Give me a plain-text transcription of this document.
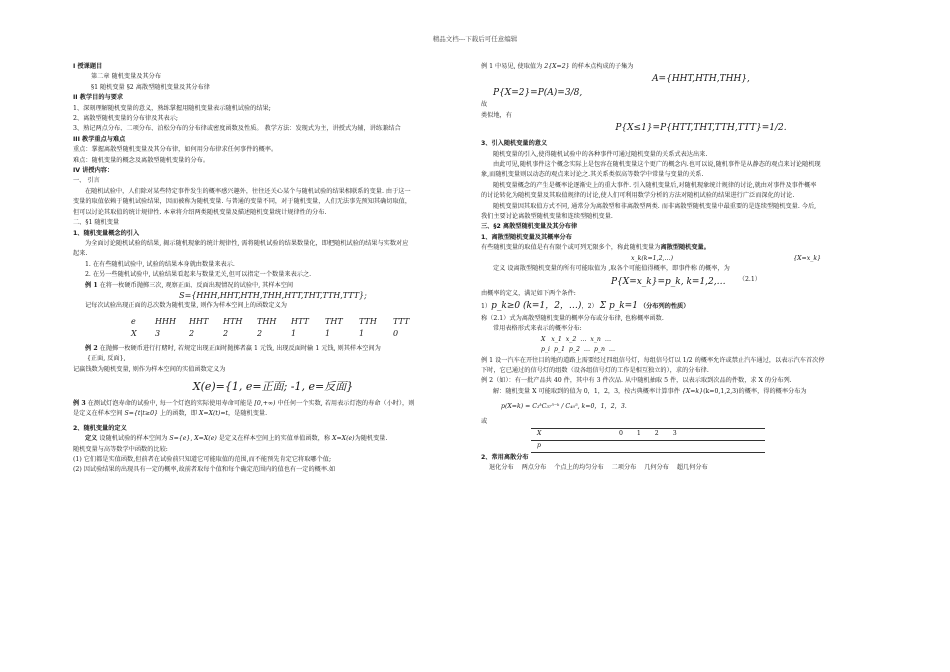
精品文档---下载后可任意编辑
I 授课题目
第二章 随机变量及其分布
§1 随机变量 §2 离散型随机变量及其分布律
II 教学目的与要求
1、深刻理解随机变量的意义，熟练掌握用随机变量表示随机试验的结果;
2、离散型随机变量的分布律及其表示;
3、熟记两点分布、二项分布、泊松分布的分布律或密度函数及性质。 教学方法：发现式为主，讲授式为辅，讲练兼结合
III 教学重点与难点
重点：掌握离散型随机变量及其分布律，如何用分布律求任何事件的概率。
难点：随机变量的概念及离散型随机变量的分布。
IV 讲授内容：
一、 引言
在随机试验中，人们除对某些特定事件发生的概率感兴趣外，往往还关心某个与随机试验的结果相联系的变量. 由于这一
变量的取值依赖于随机试验结果，因而被称为随机变量. 与普通的变量不同，对于随机变量，人们无法事先预知其确切取值，
但可以讨论其取值的统计规律性. 本章将介绍两类随机变量及描述随机变量统计规律性的分布.
二、§1 随机变量
1、随机变量概念的引入
为全面讨论随机试验的结果, 揭示随机现象的统计规律性, 需将随机试验的结果数量化，即把随机试验的结果与实数对应
起来.
1. 在有些随机试验中, 试验的结果本身就由数量来表示.
2. 在另一些随机试验中, 试验结果看起来与数量无关,但可以指定一个数量来表示之.
例 1 在将一枚硬币抛掷三次, 观察正面、反面出现情况的试验中, 其样本空间
S={HHH,HHT,HTH,THH,HTT,THT,TTH,TTT};
记每次试验出现正面的总次数为随机变量, 则作为样本空间上的函数定义为
e	HHH	HHT	HTH	THH	HTT	THT	TTH	TTT
X	3	2	2	2	1	1	1	0
例 2 在抛掷一枚硬币进行打赌时, 若规定出现正面时抛掷者赢 1 元钱, 出现反面时输 1 元钱, 则其样本空间为
{正面, 反面},
记赢钱数为随机变量, 则作为样本空间的实值函数定义为
X(e)={1, e=正面; -1, e=反面}
例 3 在测试灯泡寿命的试验中, 每一个灯泡的实际使用寿命可能是 [0,+∞) 中任何一个实数, 若用表示灯泡的寿命（小时），则
是定义在样本空间 S={t|t≥0} 上的函数，即 X=X(t)=t，是随机变量.
2、随机变量的定义
定义 设随机试验的样本空间为 S={e}, X=X(e) 是定义在样本空间上的实值单值函数，称 X=X(e)为随机变量.
随机变量与高等数学中函数的比较:
(1) 它们都是实值函数,但前者在试验前只知道它可能取值的范围,而不能预先肯定它将取哪个值;
(2) 因试验结果的出现具有一定的概率,故前者取每个值和每个确定范围内的值也有一定的概率.如
例 1 中易见, 使取值为 2{X=2} 的样本点构成的子集为
A={HHT,HTH,THH},
P{X=2}=P(A)=3/8,
故
类似地，有
P{X≤1}=P{HTT,THT,TTH,TTT}=1/2.
3、引入随机变量的意义
随机变量的引入,使得随机试验中的各种事件可通过随机变量的关系式表达出来.
由此可见,随机事件这个概念实际上是包容在随机变量这个更广的概念内.也可以说,随机事件是从静态的观点来讨论随机现
象,而随机变量则以动态的观点来讨论之.其关系类似高等数学中常量与变量的关系.
随机变量概念的产生是概率论逐渐史上的重大事件. 引入随机变量后,对随机现象统计规律的讨论,就由对事件及事件概率
的讨论转化为随机变量及其取值规律的讨论,使人们可利用数学分析的方法对随机试验的结果进行广泛而深化的讨论.
随机变量因其取值方式不同, 通常分为离散型和非离散型两类. 而非离散型随机变量中最重要的是连续型随机变量. 今后,
我们主要讨论离散型随机变量和连续型随机变量.
三、§2 离散型随机变量及其分布律
1、离散型随机变量及其概率分布
有些随机变量的取值是有有限个或可列无限多个，称此随机变量为离散型随机变量。
x_k(k=1,2,…)	{X=x_k}
定义 设离散型随机变量的所有可能取值为 ,取各个可能值得概率，即事件称 的概率，为
P{X=x_k}=p_k, k=1,2,… （2.1）
由概率的定义，满足如下两个条件:
1）p_k≥0 (k=1，2，…)，2） Σ p_k=1 （分布列的性质）
称（2.1）式为离散型随机变量的概率分布或分布律, 也称概率函数.
常用表格形式来表示的概率分布:
X   x_1  x_2  …  x_n  …
p_i  p_1  p_2  …  p_n  …
例 1 设一汽车在开往目的地的道路上需要经过四组信号灯，每组信号灯以 1/2 的概率允许或禁止汽车通过，以表示汽车首次停
下时，它已通过的信号灯的组数（设各组信号灯的工作是相互独立的），求的分布律.
例 2（如）：有一批产品共 40 件，其中有 3 件次品. 从中随机抽取 5 件，以表示取到次品的件数，求 X 的分布列.
解：随机变量 X 可能取到的值为 0，1，2，3，按古典概率计算事件 {X=k}(k=0,1,2,3)的概率，得的概率分布为
p(X=k) = C₃ᵏC₃₇⁵⁻ᵏ / C₄₀⁵, k=0，1，2，3.
或
X	0 1 2 3
p	
2、常用离散分布
退化分布    两点分布    个点上的均匀分布    二项分布    几何分布    超几何分布
